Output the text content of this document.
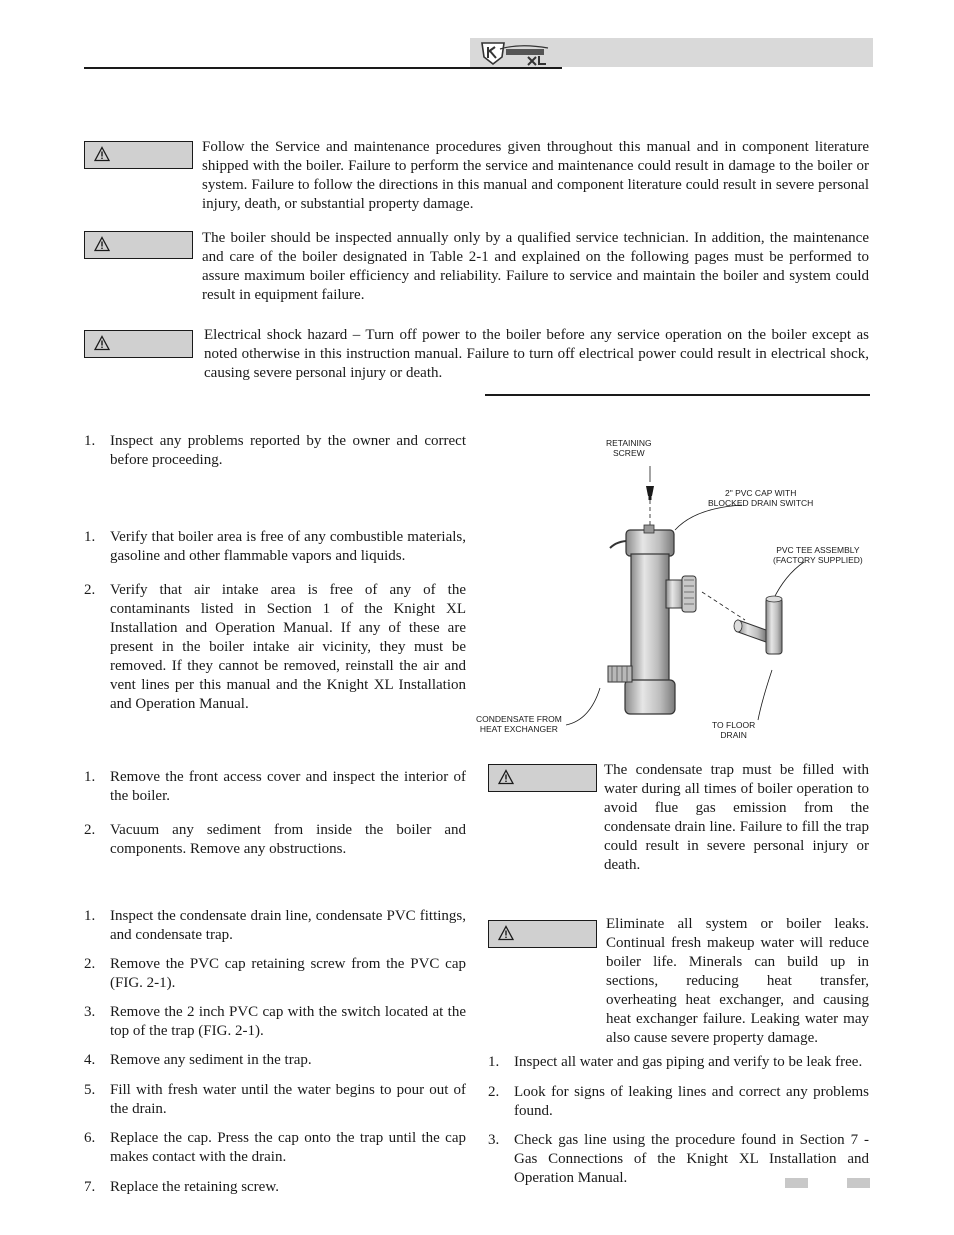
Follow the Service and maintenance procedures given throughout this manual and in component literature shipped with the boiler. Failure to perform the service and maintenance could result in damage to the boiler or system. Failure to follow the directions in this manual and component literature could result in severe personal injury, death, or substantial property damage.

The boiler should be inspected annually only by a qualified service technician. In addition, the maintenance and care of the boiler designated in Table 2-1 and explained on the following pages must be performed to assure maximum boiler efficiency and reliability. Failure to service and maintain the boiler and system could result in equipment failure.

Electrical shock hazard – Turn off power to the boiler before any service operation on the boiler except as noted otherwise in this instruction manual. Failure to turn off electrical power could result in electrical shock, causing severe personal injury or death.

1. Inspect any problems reported by the owner and correct before proceeding.
1. Verify that boiler area is free of any combustible materials, gasoline and other flammable vapors and liquids.
2. Verify that air intake area is free of any of the contaminants listed in Section 1 of the Knight XL Installation and Operation Manual. If any of these are present in the boiler intake air vicinity, they must be removed. If they cannot be removed, reinstall the air and vent lines per this manual and the Knight XL Installation and Operation Manual.
1. Remove the front access cover and inspect the interior of the boiler.
2. Vacuum any sediment from inside the boiler and components. Remove any obstructions.
1. Inspect the condensate drain line, condensate PVC fittings, and condensate trap.
2. Remove the PVC cap retaining screw from the PVC cap (FIG. 2-1).
3. Remove the 2 inch PVC cap with the switch located at the top of the trap (FIG. 2-1).
4. Remove any sediment in the trap.
5. Fill with fresh water until the water begins to pour out of the drain.
6. Replace the cap. Press the cap onto the trap until the cap makes contact with the drain.
7. Replace the retaining screw.
RETAINING
SCREW
2" PVC CAP WITH
BLOCKED DRAIN SWITCH
PVC TEE ASSEMBLY
(FACTORY SUPPLIED)
CONDENSATE FROM
HEAT EXCHANGER	TO FLOOR
DRAIN

The condensate trap must be filled with water during all times of boiler operation to avoid flue gas emission from the condensate drain line. Failure to fill the trap could result in severe personal injury or death.

Eliminate all system or boiler leaks. Continual fresh makeup water will reduce boiler life. Minerals can build up in sections, reducing heat transfer, overheating heat exchanger, and causing heat exchanger failure. Leaking water may also cause severe property damage.

1. Inspect all water and gas piping and verify to be leak free.
2. Look for signs of leaking lines and correct any problems found.
3. Check gas line using the procedure found in Section 7 - Gas Connections of the Knight XL Installation and Operation Manual.
